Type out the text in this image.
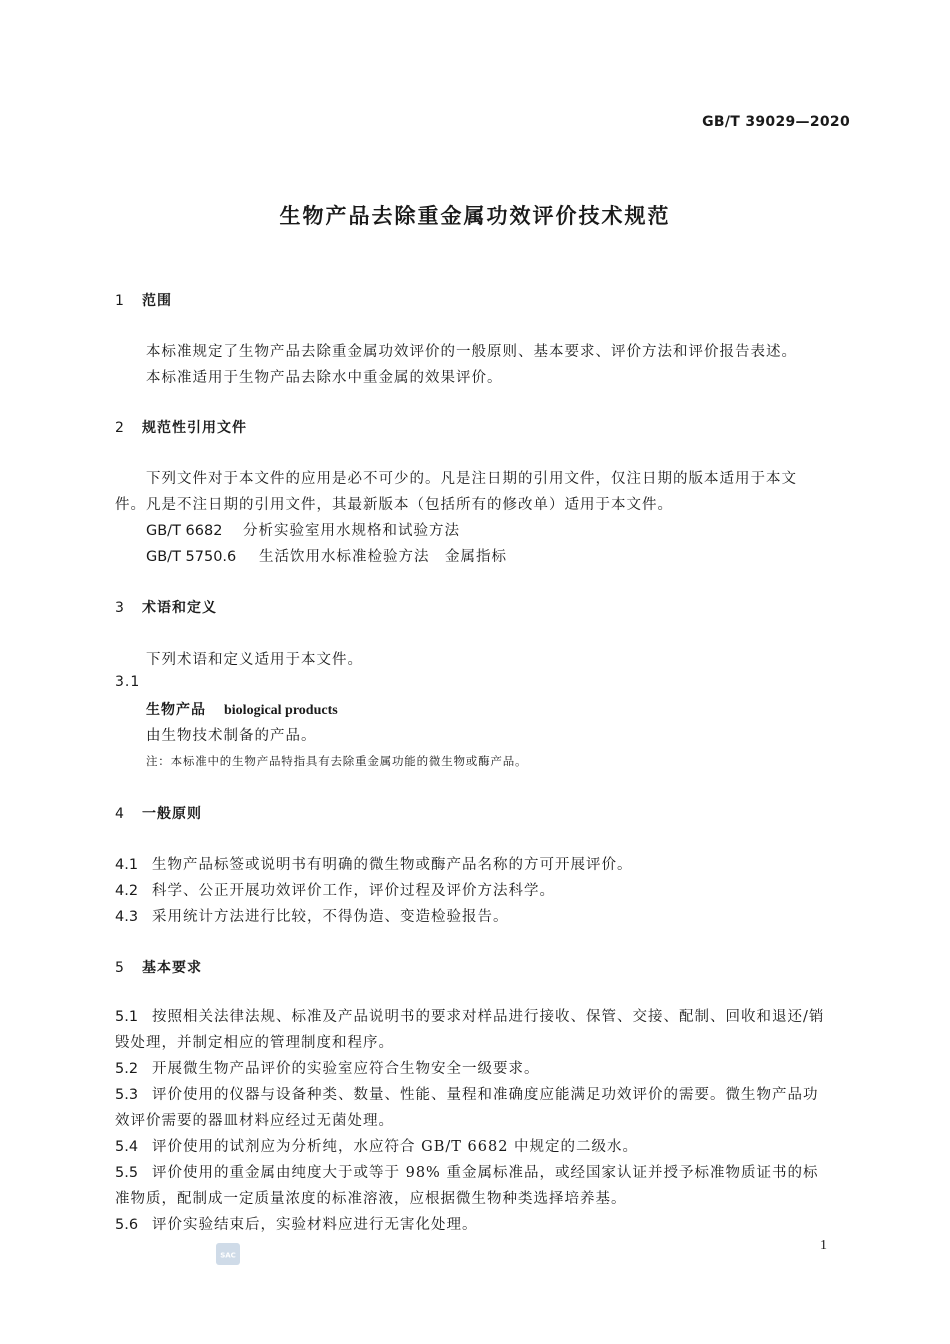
GB/T 39029—2020
生物产品去除重金属功效评价技术规范
1 范围
本标准规定了生物产品去除重金属功效评价的一般原则、基本要求、评价方法和评价报告表述。
本标准适用于生物产品去除水中重金属的效果评价。
2 规范性引用文件
下列文件对于本文件的应用是必不可少的。凡是注日期的引用文件，仅注日期的版本适用于本文
件。凡是不注日期的引用文件，其最新版本（包括所有的修改单）适用于本文件。
GB/T 6682 分析实验室用水规格和试验方法
GB/T 5750.6 生活饮用水标准检验方法　金属指标
3 术语和定义
下列术语和定义适用于本文件。
3.1
生物产品 biological products
由生物技术制备的产品。
注：本标准中的生物产品特指具有去除重金属功能的微生物或酶产品。
4 一般原则
4.1 生物产品标签或说明书有明确的微生物或酶产品名称的方可开展评价。
4.2 科学、公正开展功效评价工作，评价过程及评价方法科学。
4.3 采用统计方法进行比较，不得伪造、变造检验报告。
5 基本要求
5.1 按照相关法律法规、标准及产品说明书的要求对样品进行接收、保管、交接、配制、回收和退还/销
毁处理，并制定相应的管理制度和程序。
5.2 开展微生物产品评价的实验室应符合生物安全一级要求。
5.3 评价使用的仪器与设备种类、数量、性能、量程和准确度应能满足功效评价的需要。微生物产品功
效评价需要的器皿材料应经过无菌处理。
5.4 评价使用的试剂应为分析纯，水应符合 GB/T 6682 中规定的二级水。
5.5 评价使用的重金属由纯度大于或等于 98% 重金属标准品，或经国家认证并授予标准物质证书的标
准物质，配制成一定质量浓度的标准溶液，应根据微生物种类选择培养基。
5.6 评价实验结束后，实验材料应进行无害化处理。
SAC
1
